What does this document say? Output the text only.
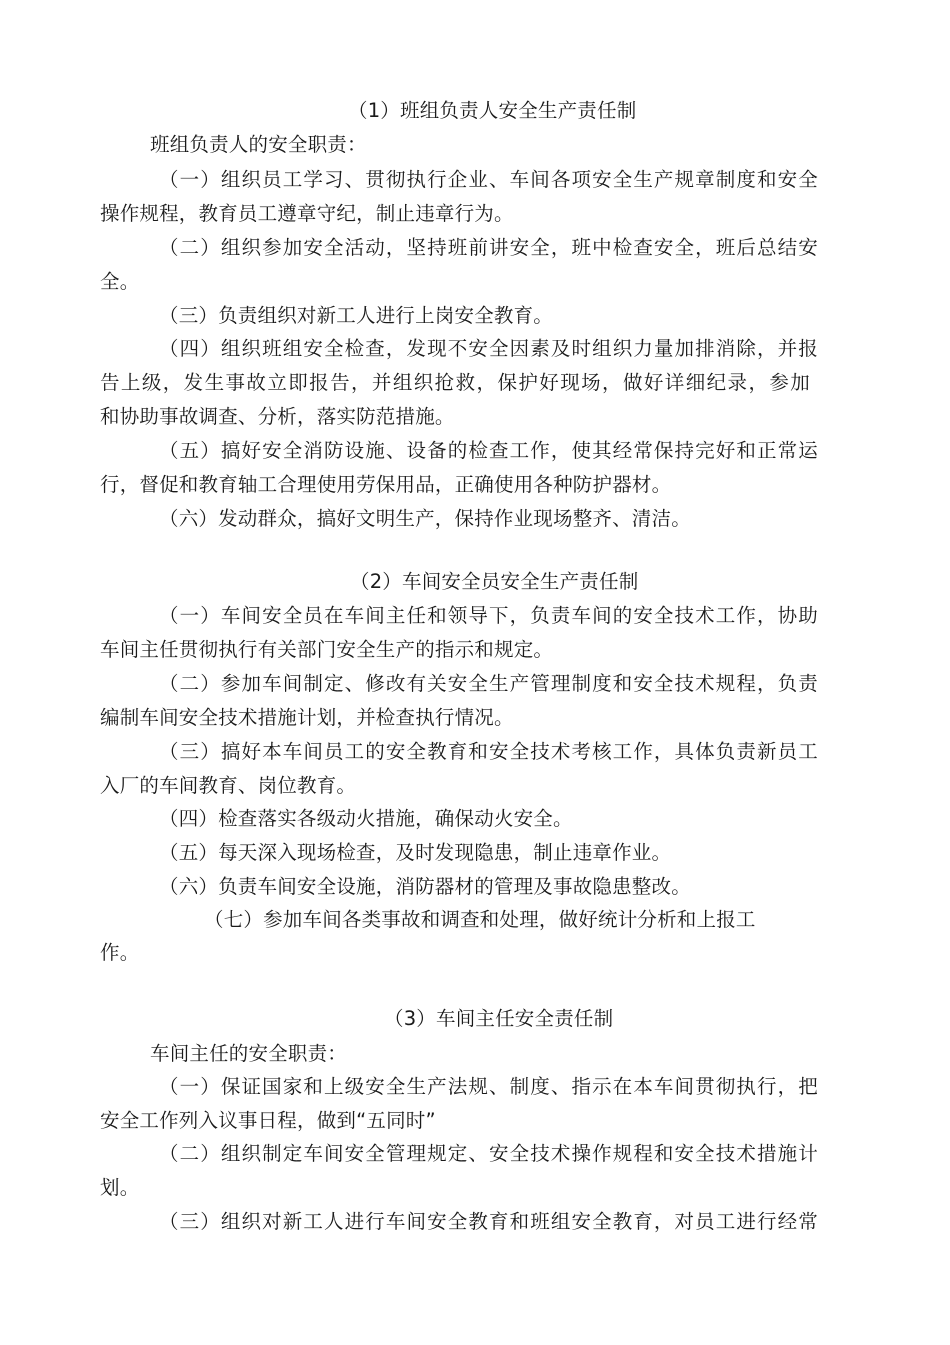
（1）班组负责人安全生产责任制
班组负责人的安全职责：
（一）组织员工学习、贯彻执行企业、车间各项安全生产规章制度和安全
操作规程，教育员工遵章守纪，制止违章行为。
（二）组织参加安全活动，坚持班前讲安全，班中检查安全，班后总结安
全。
（三）负责组织对新工人进行上岗安全教育。
（四）组织班组安全检查，发现不安全因素及时组织力量加排消除，并报
告上级，发生事故立即报告，并组织抢救，保护好现场，做好详细纪录，参加
和协助事故调查、分析，落实防范措施。
（五）搞好安全消防设施、设备的检查工作，使其经常保持完好和正常运
行，督促和教育轴工合理使用劳保用品，正确使用各种防护器材。
（六）发动群众，搞好文明生产，保持作业现场整齐、清洁。
（2）车间安全员安全生产责任制
（一）车间安全员在车间主任和领导下，负责车间的安全技术工作，协助
车间主任贯彻执行有关部门安全生产的指示和规定。
（二）参加车间制定、修改有关安全生产管理制度和安全技术规程，负责
编制车间安全技术措施计划，并检查执行情况。
（三）搞好本车间员工的安全教育和安全技术考核工作，具体负责新员工
入厂的车间教育、岗位教育。
（四）检查落实各级动火措施，确保动火安全。
（五）每天深入现场检查，及时发现隐患，制止违章作业。
（六）负责车间安全设施，消防器材的管理及事故隐患整改。
（七）参加车间各类事故和调查和处理，做好统计分析和上报工
作。
（3）车间主任安全责任制
车间主任的安全职责：
（一）保证国家和上级安全生产法规、制度、指示在本车间贯彻执行，把
安全工作列入议事日程，做到“五同时”
（二）组织制定车间安全管理规定、安全技术操作规程和安全技术措施计
划。
（三）组织对新工人进行车间安全教育和班组安全教育，对员工进行经常
